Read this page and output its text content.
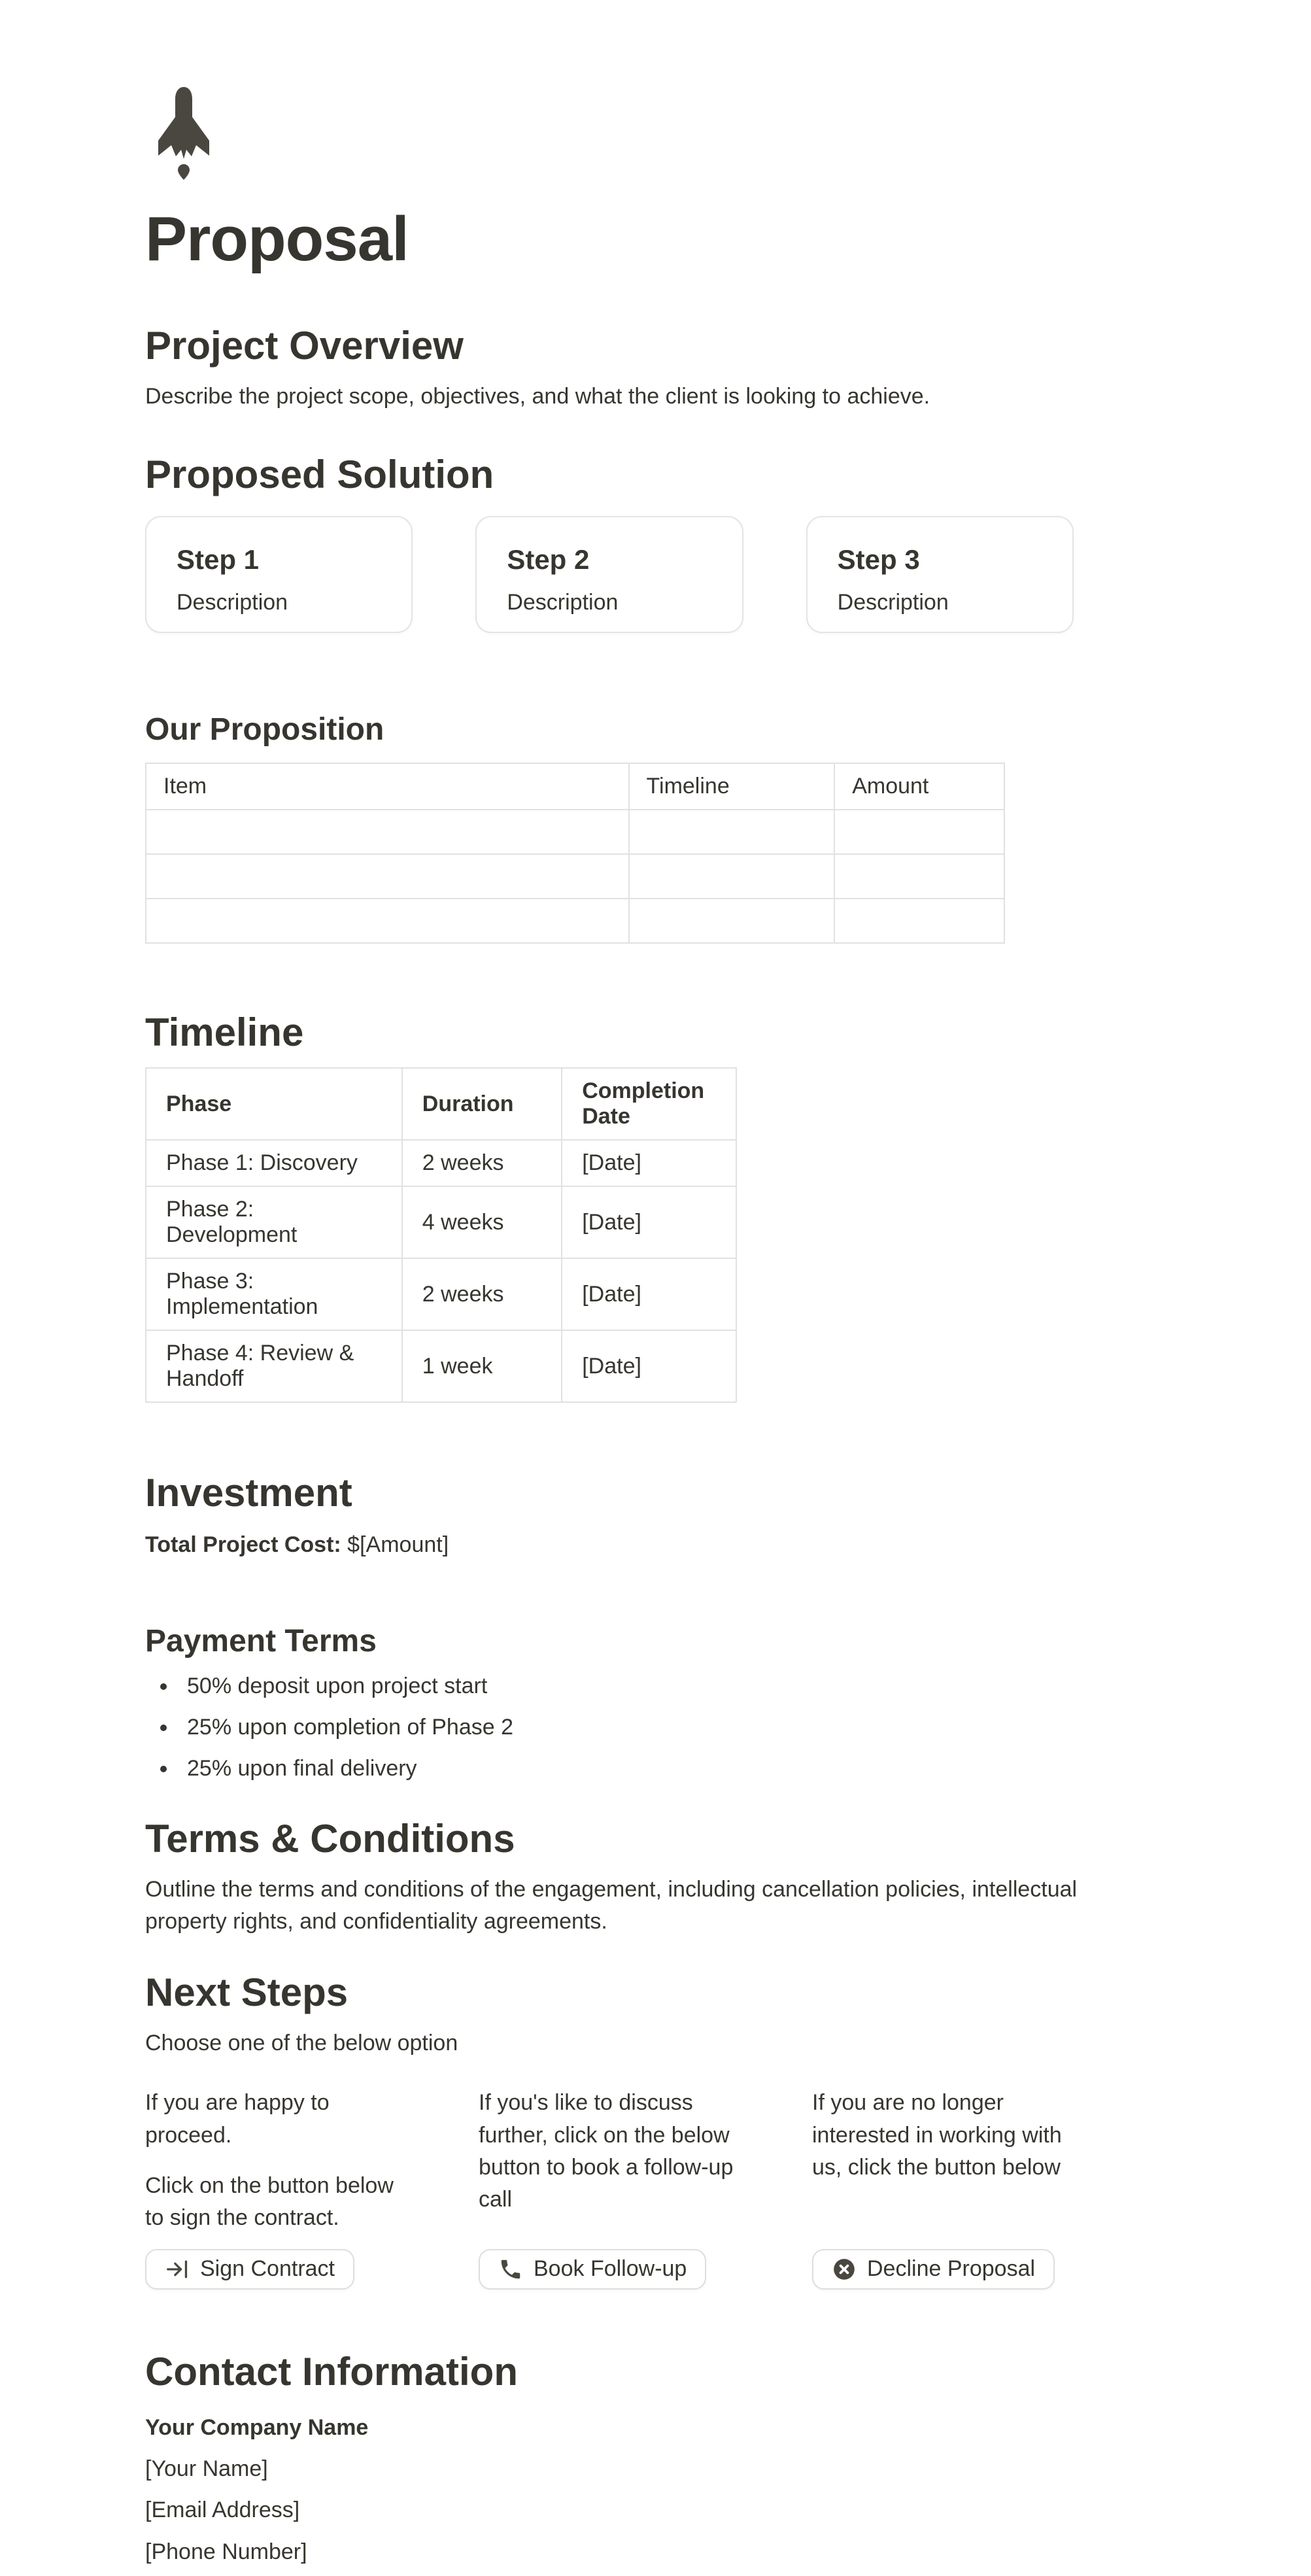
Proposal
Project Overview

Describe the project scope, objectives, and what the client is looking to achieve.

Proposed Solution
Step 1
Description
Step 2
Description
Step 3
Description
Our Proposition
Item	Timeline	Amount

Timeline
Phase	Duration	Completion Date
Phase 1: Discovery	2 weeks	[Date]
Phase 2: Development	4 weeks	[Date]
Phase 3: Implementation	2 weeks	[Date]
Phase 4: Review & Handoff	1 week	[Date]
Investment

Total Project Cost: $[Amount]

Payment Terms
• 50% deposit upon project start
• 25% upon completion of Phase 2
• 25% upon final delivery
Terms & Conditions

Outline the terms and conditions of the engagement, including cancellation policies, intellectual property rights, and confidentiality agreements.

Next Steps

Choose one of the below option

If you are happy to proceed.

Click on the button below to sign the contract.

If you's like to discuss further, click on the below button to book a follow-up call

If you are no longer interested in working with us, click the button below

Sign Contract	Book Follow-up	Decline Proposal
Contact Information

Your Company Name

[Your Name]

[Email Address]

[Phone Number]
